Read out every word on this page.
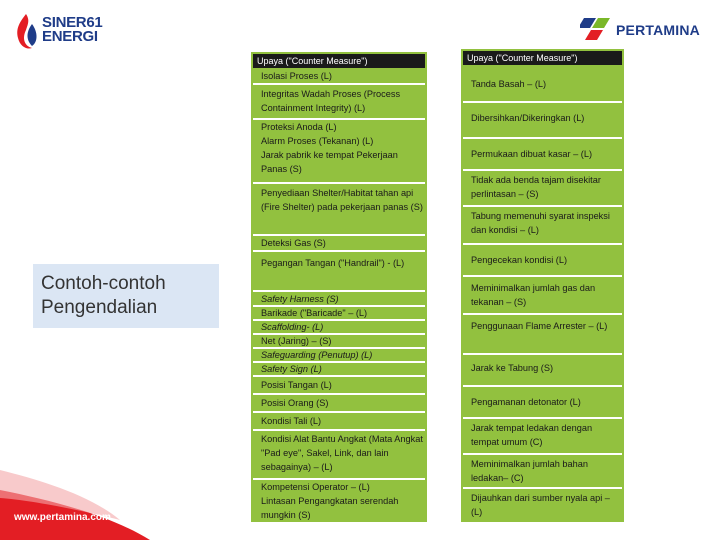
SINER61
ENERGI	PERTAMINA
Contoh-contoh
Pengendalian
Upaya ("Counter Measure")
Isolasi Proses (L)
Integritas Wadah Proses (Process Containment Integrity) (L)
Proteksi Anoda (L)
Alarm Proses (Tekanan) (L)
Jarak pabrik ke tempat Pekerjaan Panas (S)
Penyediaan Shelter/Habitat tahan api (Fire Shelter) pada pekerjaan panas (S)
Deteksi Gas (S)
Pegangan Tangan ("Handrail") - (L)
Safety Harness (S)
Barikade ("Baricade" – (L)
Scaffolding- (L)
Net (Jaring) – (S)
Safeguarding (Penutup) (L)
Safety Sign (L)
Posisi Tangan (L)
Posisi Orang (S)
Kondisi Tali (L)
Kondisi Alat Bantu Angkat (Mata Angkat "Pad eye", Sakel, Link, dan lain sebagainya) – (L)
Kompetensi Operator – (L)
Lintasan Pengangkatan serendah mungkin (S)
Upaya ("Counter Measure")
Tanda Basah – (L)
Dibersihkan/Dikeringkan (L)
Permukaan dibuat kasar – (L)
Tidak ada benda tajam disekitar perlintasan – (S)
Tabung memenuhi syarat inspeksi dan kondisi – (L)
Pengecekan kondisi (L)
Meminimalkan jumlah gas dan tekanan – (S)
Penggunaan Flame Arrester – (L)
Jarak ke Tabung (S)
Pengamanan detonator (L)
Jarak tempat ledakan dengan tempat umum (C)
Meminimalkan jumlah bahan ledakan– (C)
Dijauhkan dari sumber nyala api – (L)
www.pertamina.com
